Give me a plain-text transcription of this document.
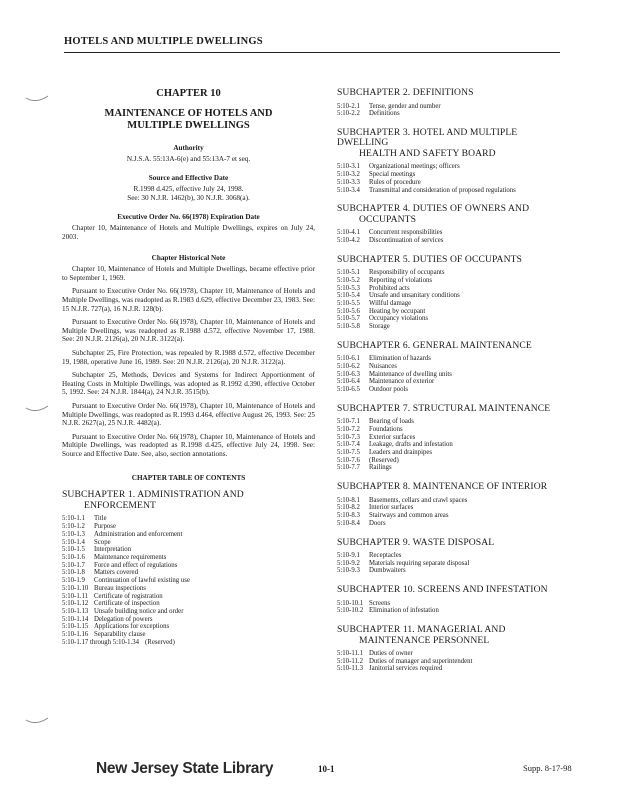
HOTELS AND MULTIPLE DWELLINGS
CHAPTER 10
MAINTENANCE OF HOTELS AND
MULTIPLE DWELLINGS
Authority
N.J.S.A. 55:13A-6(e) and 55:13A-7 et seq.
Source and Effective Date
R.1998 d.425, effective July 24, 1998.
See: 30 N.J.R. 1462(b), 30 N.J.R. 3068(a).
Executive Order No. 66(1978) Expiration Date
Chapter 10, Maintenance of Hotels and Multiple Dwellings, expires on July 24, 2003.
Chapter Historical Note
Chapter 10, Maintenance of Hotels and Multiple Dwellings, became effective prior to September 1, 1969.
Pursuant to Executive Order No. 66(1978), Chapter 10, Maintenance of Hotels and Multiple Dwellings, was readopted as R.1983 d.629, effective December 23, 1983. See: 15 N.J.R. 727(a), 16 N.J.R. 128(b).
Pursuant to Executive Order No. 66(1978), Chapter 10, Maintenance of Hotels and Multiple Dwellings, was readopted as R.1988 d.572, effective November 17, 1988. See: 20 N.J.R. 2126(a), 20 N.J.R. 3122(a).
Subchapter 25, Fire Protection, was repealed by R.1988 d.572, effective December 19, 1988, operative June 16, 1989. See: 20 N.J.R. 2126(a), 20 N.J.R. 3122(a).
Subchapter 25, Methods, Devices and Systems for Indirect Apportionment of Heating Costs in Multiple Dwellings, was adopted as R.1992 d.390, effective October 5, 1992. See: 24 N.J.R. 1844(a), 24 N.J.R. 3515(b).
Pursuant to Executive Order No. 66(1978), Chapter 10, Maintenance of Hotels and Multiple Dwellings, was readopted as R.1993 d.464, effective August 26, 1993. See: 25 N.J.R. 2627(a), 25 N.J.R. 4482(a).
Pursuant to Executive Order No. 66(1978), Chapter 10, Maintenance of Hotels and Multiple Dwellings, was readopted as R.1998 d.425, effective July 24, 1998. See: Source and Effective Date. See, also, section annotations.
CHAPTER TABLE OF CONTENTS
SUBCHAPTER 1. ADMINISTRATION AND
ENFORCEMENT
5:10-1.1	Title
5:10-1.2	Purpose
5:10-1.3	Administration and enforcement
5:10-1.4	Scope
5:10-1.5	Interpretation
5:10-1.6	Maintenance requirements
5:10-1.7	Force and effect of regulations
5:10-1.8	Matters covered
5:10-1.9	Continuation of lawful existing use
5:10-1.10 Bureau inspections
5:10-1.11 Certificate of registration
5:10-1.12 Certificate of inspection
5:10-1.13 Unsafe building notice and order
5:10-1.14 Delegation of powers
5:10-1.15 Applications for exceptions
5:10-1.16 Separability clause
5:10-1.17 through 5:10-1.34 (Reserved)
SUBCHAPTER 2. DEFINITIONS
5:10-2.1	Tense, gender and number
5:10-2.2	Definitions
SUBCHAPTER 3. HOTEL AND MULTIPLE DWELLING
HEALTH AND SAFETY BOARD
5:10-3.1	Organizational meetings; officers
5:10-3.2	Special meetings
5:10-3.3	Rules of procedure
5:10-3.4	Transmittal and consideration of proposed regulations
SUBCHAPTER 4. DUTIES OF OWNERS AND
OCCUPANTS
5:10-4.1	Concurrent responsibilities
5:10-4.2	Discontinuation of services
SUBCHAPTER 5. DUTIES OF OCCUPANTS
5:10-5.1	Responsibility of occupants
5:10-5.2	Reporting of violations
5:10-5.3	Prohibited acts
5:10-5.4	Unsafe and unsanitary conditions
5:10-5.5	Willful damage
5:10-5.6	Heating by occupant
5:10-5.7	Occupancy violations
5:10-5.8	Storage
SUBCHAPTER 6. GENERAL MAINTENANCE
5:10-6.1	Elimination of hazards
5:10-6.2	Nuisances
5:10-6.3	Maintenance of dwelling units
5:10-6.4	Maintenance of exterior
5:10-6.5	Outdoor pools
SUBCHAPTER 7. STRUCTURAL MAINTENANCE
5:10-7.1	Bearing of loads
5:10-7.2	Foundations
5:10-7.3	Exterior surfaces
5:10-7.4	Leakage, drafts and infestation
5:10-7.5	Leaders and drainpipes
5:10-7.6	(Reserved)
5:10-7.7	Railings
SUBCHAPTER 8. MAINTENANCE OF INTERIOR
5:10-8.1	Basements, cellars and crawl spaces
5:10-8.2	Interior surfaces
5:10-8.3	Stairways and common areas
5:10-8.4	Doors
SUBCHAPTER 9. WASTE DISPOSAL
5:10-9.1	Receptacles
5:10-9.2	Materials requiring separate disposal
5:10-9.3	Dumbwaiters
SUBCHAPTER 10. SCREENS AND INFESTATION
5:10-10.1 Screens
5:10-10.2 Elimination of infestation
SUBCHAPTER 11. MANAGERIAL AND
MAINTENANCE PERSONNEL
5:10-11.1 Duties of owner
5:10-11.2 Duties of manager and superintendent
5:10-11.3 Janitorial services required
New Jersey State Library	10-1	Supp. 8-17-98
